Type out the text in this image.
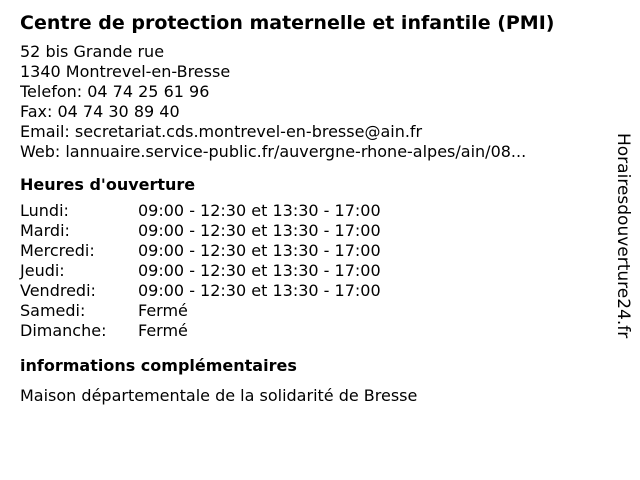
Centre de protection maternelle et infantile (PMI)
52 bis Grande rue
1340 Montrevel-en-Bresse
Telefon: 04 74 25 61 96
Fax: 04 74 30 89 40
Email: secretariat.cds.montrevel-en-bresse@ain.fr
Web: lannuaire.service-public.fr/auvergne-rhone-alpes/ain/08...
Heures d'ouverture
Lundi:	09:00 - 12:30 et 13:30 - 17:00
Mardi:	09:00 - 12:30 et 13:30 - 17:00
Mercredi:	09:00 - 12:30 et 13:30 - 17:00
Jeudi:	09:00 - 12:30 et 13:30 - 17:00
Vendredi:	09:00 - 12:30 et 13:30 - 17:00
Samedi:	Fermé
Dimanche:	Fermé
informations complémentaires
Maison départementale de la solidarité de Bresse
Horairesdouverture24.fr
